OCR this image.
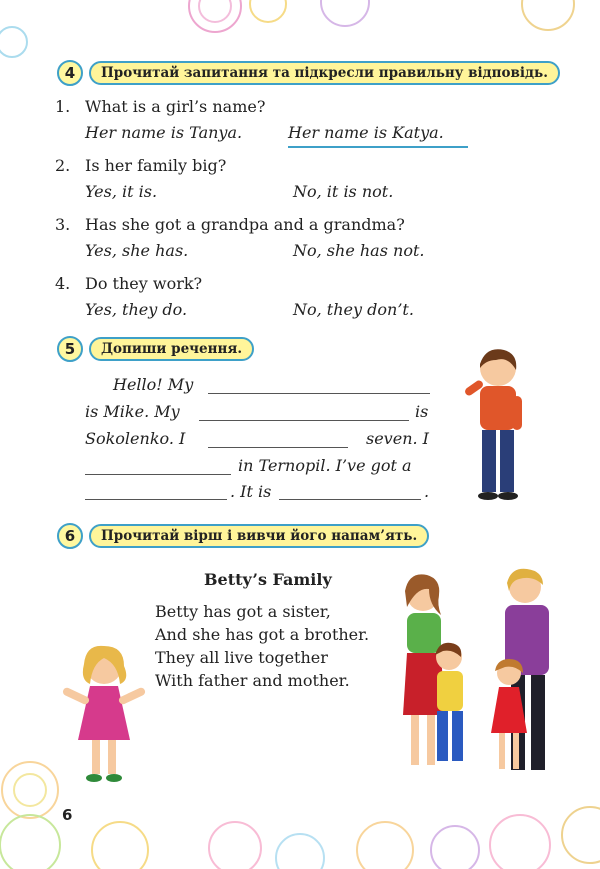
4	Прочитай запитання та підкресли правильну відповідь.
1. What is a girl’s name?
Her name is Tanya.	Her name is Katya.
2. Is her family big?
Yes, it is.	No, it is not.
3. Has she got a grandpa and a grandma?
Yes, she has.	No, she has not.
4. Do they work?
Yes, they do.	No, they don’t.
5	Допиши речення.
Hello! My
is Mike. My	is
Sokolenko. I	seven. I
in Ternopil. I’ve got a
. It is	.
6	Прочитай вірш і вивчи його напам’ять.
Betty’s Family
Betty has got a sister,
And she has got a brother.
They all live together
With father and mother.
6
